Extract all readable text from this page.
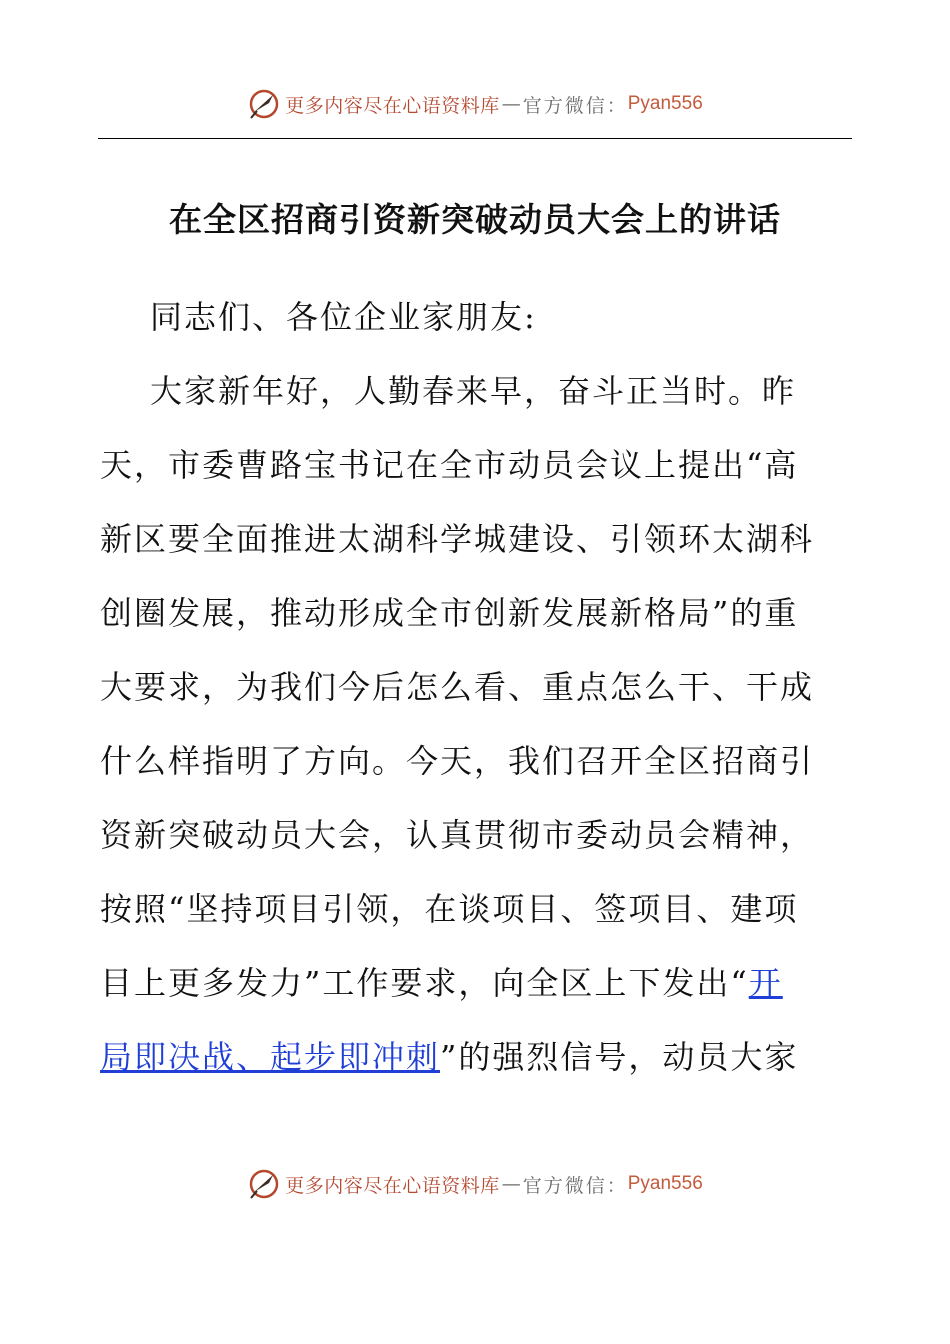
更多内容尽在心语资料库 — 官方微信： Pyan556
在全区招商引资新突破动员大会上的讲话

同志们、各位企业家朋友:

大家新年好，人勤春来早，奋斗正当时。昨

天，市委曹路宝书记在全市动员会议上提出“高

新区要全面推进太湖科学城建设、引领环太湖科

创圈发展，推动形成全市创新发展新格局”的重

大要求，为我们今后怎么看、重点怎么干、干成

什么样指明了方向。今天，我们召开全区招商引

资新突破动员大会，认真贯彻市委动员会精神，

按照“坚持项目引领，在谈项目、签项目、建项

目上更多发力”工作要求，向全区上下发出“开

局即决战、起步即冲刺”的强烈信号，动员大家

更多内容尽在心语资料库 — 官方微信： Pyan556
